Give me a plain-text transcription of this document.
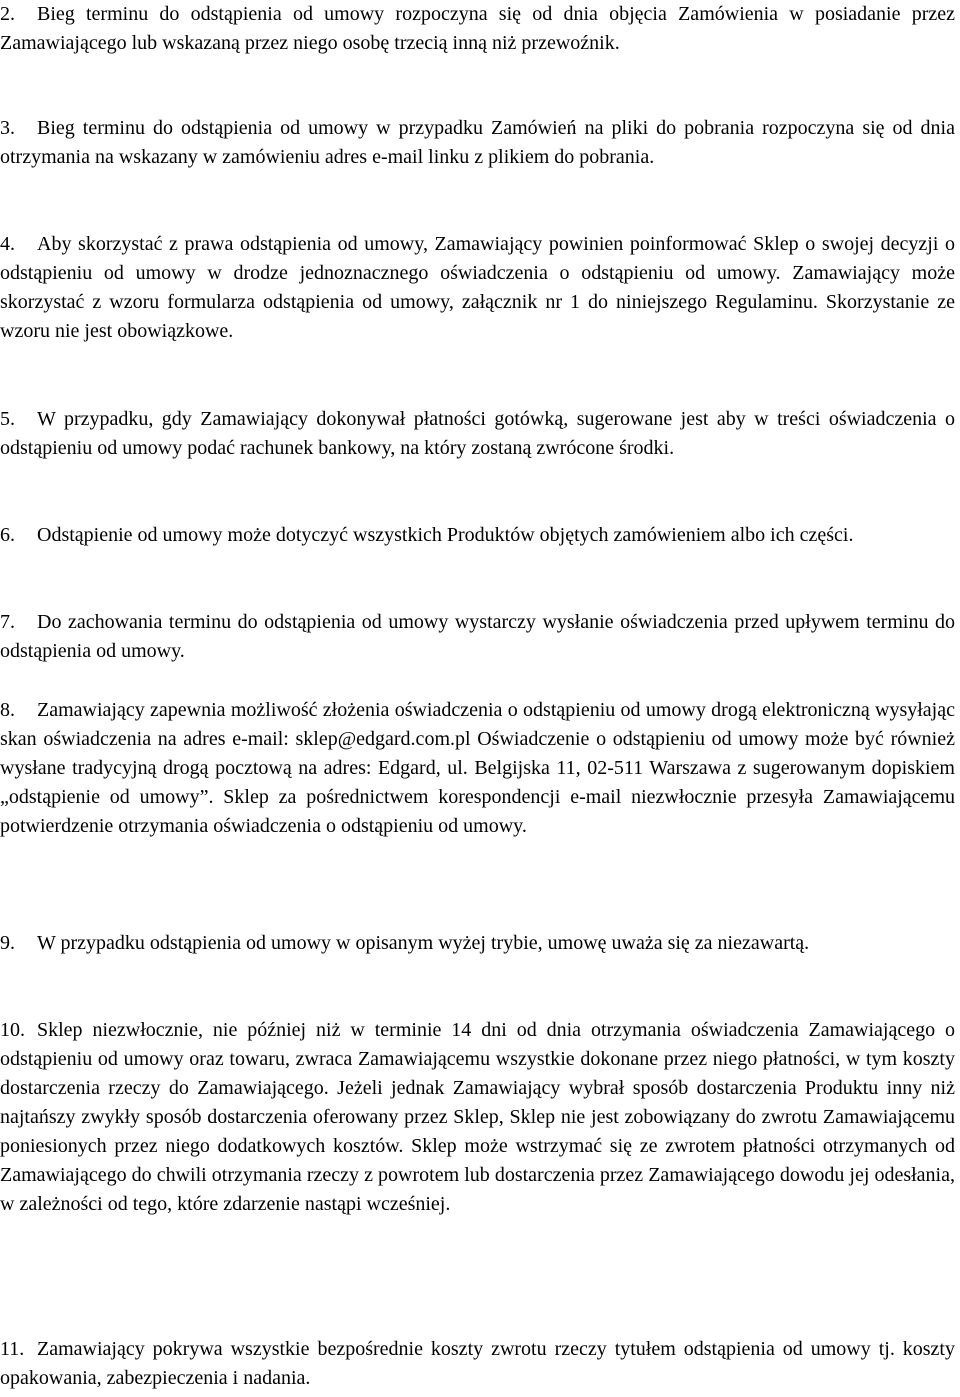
2.	Bieg terminu do odstąpienia od umowy rozpoczyna się od dnia objęcia Zamówienia w posiadanie przez Zamawiającego lub wskazaną przez niego osobę trzecią inną niż przewoźnik.
3.	Bieg terminu do odstąpienia od umowy w przypadku Zamówień na pliki do pobrania rozpoczyna się od dnia otrzymania na wskazany w zamówieniu adres e-mail linku z plikiem do pobrania.
4.	Aby skorzystać z prawa odstąpienia od umowy, Zamawiający powinien poinformować Sklep o swojej decyzji o odstąpieniu od umowy w drodze jednoznacznego oświadczenia o odstąpieniu od umowy. Zamawiający może skorzystać z wzoru formularza odstąpienia od umowy, załącznik nr 1 do niniejszego Regulaminu. Skorzystanie ze wzoru nie jest obowiązkowe.
5.	W przypadku, gdy Zamawiający dokonywał płatności gotówką, sugerowane jest aby w treści oświadczenia o odstąpieniu od umowy podać rachunek bankowy, na który zostaną zwrócone środki.
6.	Odstąpienie od umowy może dotyczyć wszystkich Produktów objętych zamówieniem albo ich części.
7.	Do zachowania terminu do odstąpienia od umowy wystarczy wysłanie oświadczenia przed upływem terminu do odstąpienia od umowy.
8.	Zamawiający zapewnia możliwość złożenia oświadczenia o odstąpieniu od umowy drogą elektroniczną wysyłając skan oświadczenia na adres e-mail: sklep@edgard.com.pl Oświadczenie o odstąpieniu od umowy może być również wysłane tradycyjną drogą pocztową na adres: Edgard, ul. Belgijska 11, 02-511 Warszawa z sugerowanym dopiskiem „odstąpienie od umowy”. Sklep za pośrednictwem korespondencji e-mail niezwłocznie przesyła Zamawiającemu potwierdzenie otrzymania oświadczenia o odstąpieniu od umowy.
9.	W przypadku odstąpienia od umowy w opisanym wyżej trybie, umowę uważa się za niezawartą.
10. Sklep niezwłocznie, nie później niż w terminie 14 dni od dnia otrzymania oświadczenia Zamawiającego o odstąpieniu od umowy oraz towaru, zwraca Zamawiającemu wszystkie dokonane przez niego płatności, w tym koszty dostarczenia rzeczy do Zamawiającego. Jeżeli jednak Zamawiający wybrał sposób dostarczenia Produktu inny niż najtańszy zwykły sposób dostarczenia oferowany przez Sklep, Sklep nie jest zobowiązany do zwrotu Zamawiającemu poniesionych przez niego dodatkowych kosztów. Sklep może wstrzymać się ze zwrotem płatności otrzymanych od Zamawiającego do chwili otrzymania rzeczy z powrotem lub dostarczenia przez Zamawiającego dowodu jej odesłania, w zależności od tego, które zdarzenie nastąpi wcześniej.
11. Zamawiający pokrywa wszystkie bezpośrednie koszty zwrotu rzeczy tytułem odstąpienia od umowy tj. koszty opakowania, zabezpieczenia i nadania.
